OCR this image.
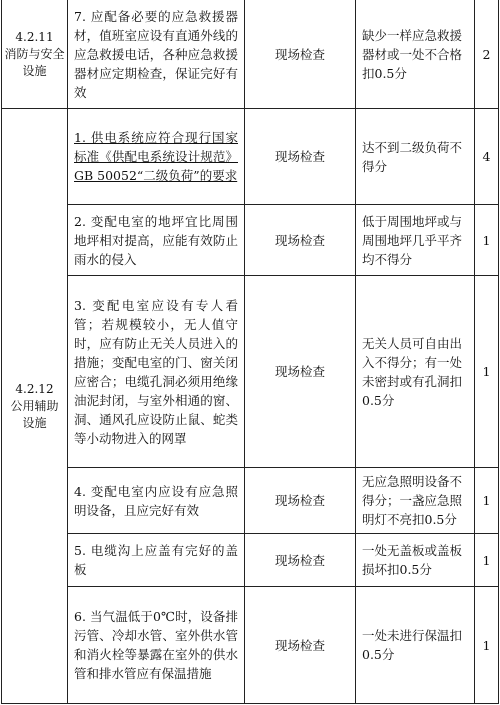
4.2.11
消防与安全设施	7. 应配备必要的应急救援器材，值班室应设有直通外线的应急救援电话，各种应急救援器材应定期检查，保证完好有效	现场检查	缺少一样应急救援器材或一处不合格扣0.5分	2

4.2.12
公用辅助设施	1. 供电系统应符合现行国家标准《供配电系统设计规范》GB 50052“二级负荷”的要求	现场检查	达不到二级负荷不得分	4

	2. 变配电室的地坪宜比周围地坪相对提高，应能有效防止雨水的侵入	现场检查	低于周围地坪或与周围地坪几乎平齐均不得分	1

	3. 变配电室应设有专人看管；若规模较小，无人值守时，应有防止无关人员进入的措施；变配电室的门、窗关闭应密合；电缆孔洞必须用绝缘油泥封闭，与室外相通的窗、洞、通风孔应设防止鼠、蛇类等小动物进入的网罩	现场检查	无关人员可自由出入不得分；有一处未密封或有孔洞扣0.5分	1

	4. 变配电室内应设有应急照明设备，且应完好有效	现场检查	无应急照明设备不得分；一盏应急照明灯不亮扣0.5分	1

	5. 电缆沟上应盖有完好的盖板	现场检查	一处无盖板或盖板损坏扣0.5分	1

	6. 当气温低于0℃时，设备排污管、冷却水管、室外供水管和消火栓等暴露在室外的供水管和排水管应有保温措施	现场检查	一处未进行保温扣0.5分	1
